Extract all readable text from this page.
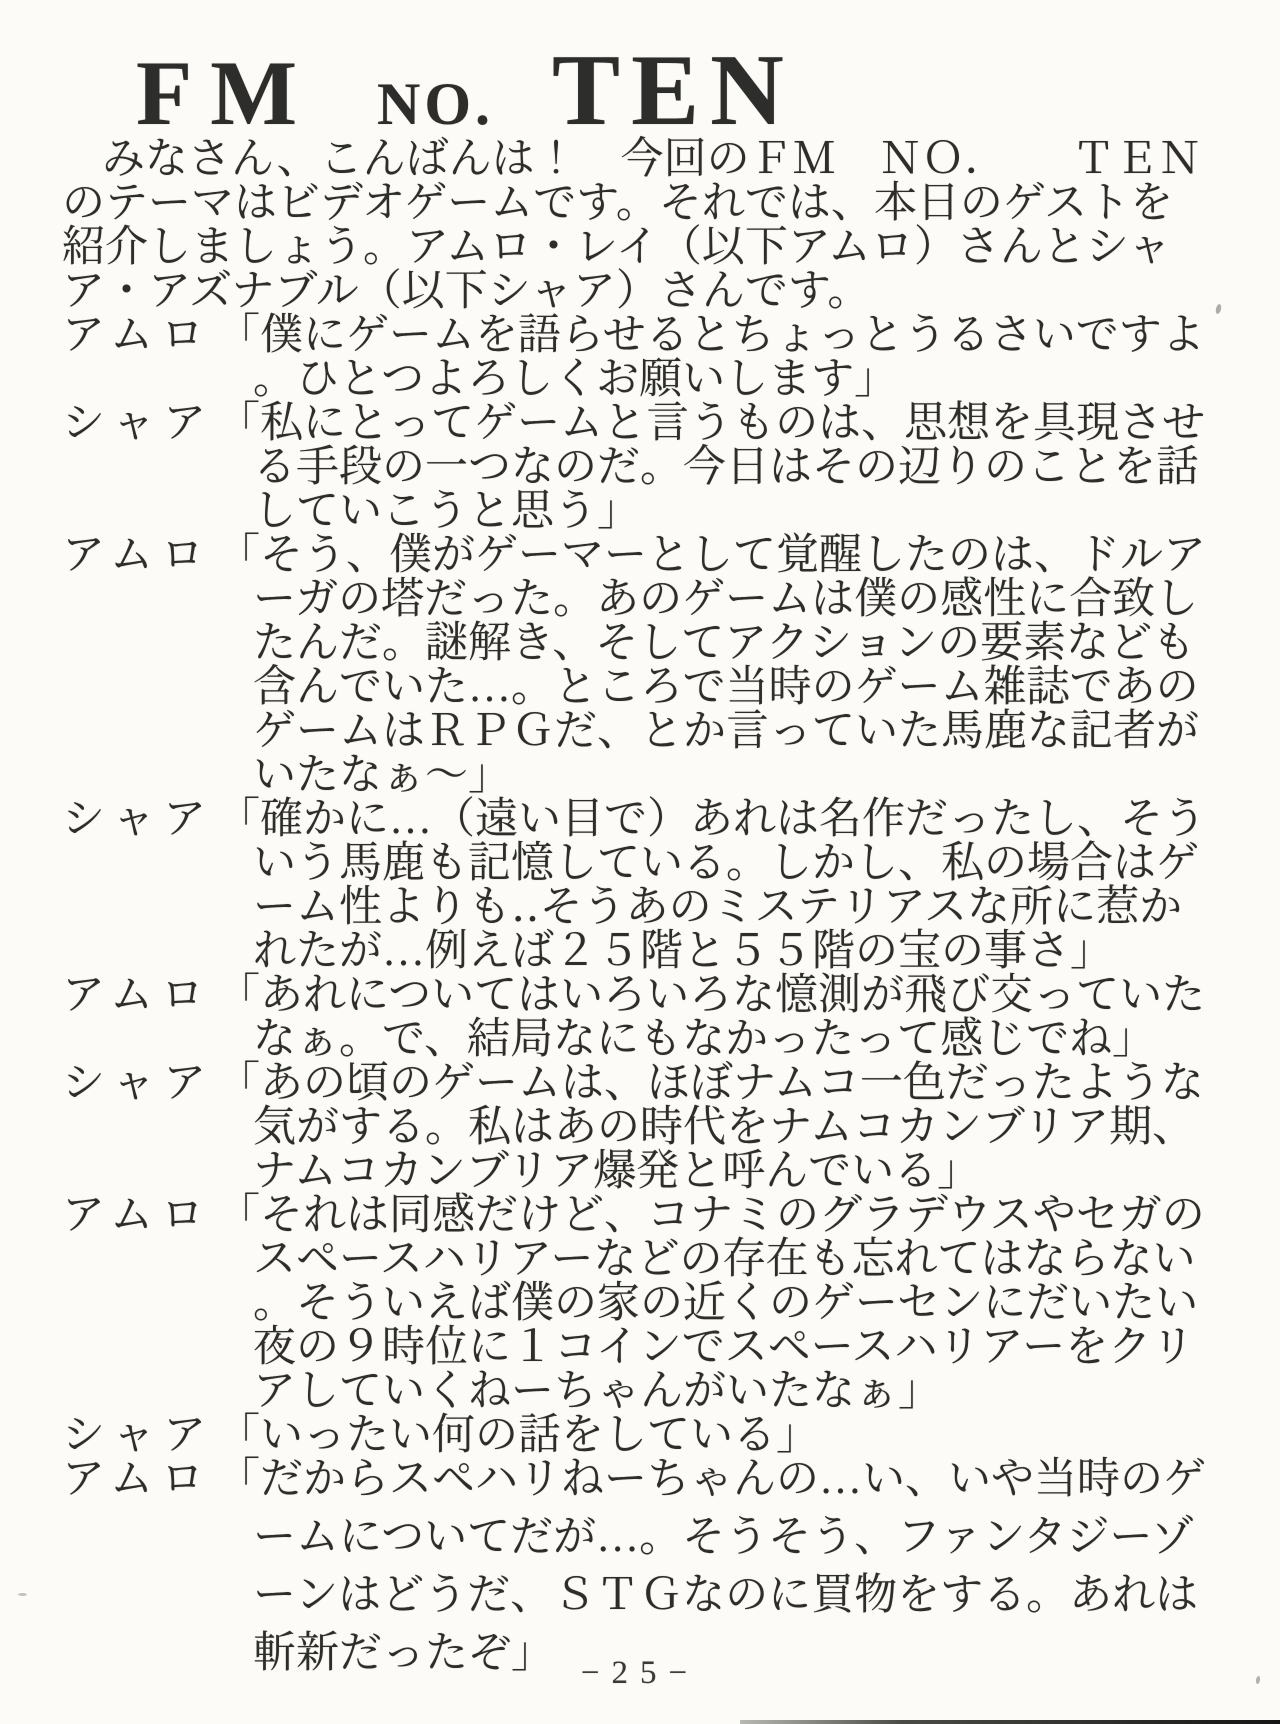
FM NO. TEN
みなさん、こんばんは！　今回のＦＭ　ＮＯ．　　ＴＥＮ
のテーマはビデオゲームです。それでは、本日のゲストを
紹介しましょう。アムロ・レイ（以下アムロ）さんとシャ
ア・アズナブル（以下シャア）さんです。
アムロ 「僕にゲームを語らせるとちょっとうるさいですよ
。ひとつよろしくお願いします」
シャア 「私にとってゲームと言うものは、思想を具現させ
る手段の一つなのだ。今日はその辺りのことを話
していこうと思う」
アムロ 「そう、僕がゲーマーとして覚醒したのは、ドルア
ーガの塔だった。あのゲームは僕の感性に合致し
たんだ。謎解き、そしてアクションの要素なども
含んでいた…。ところで当時のゲーム雑誌であの
ゲームはＲＰＧだ、とか言っていた馬鹿な記者が
いたなぁ〜」
シャア 「確かに…（遠い目で）あれは名作だったし、そう
いう馬鹿も記憶している。しかし、私の場合はゲ
ーム性よりも‥そうあのミステリアスな所に惹か
れたが…例えば２５階と５５階の宝の事さ」
アムロ 「あれについてはいろいろな憶測が飛び交っていた
なぁ。で、結局なにもなかったって感じでね」
シャア 「あの頃のゲームは、ほぼナムコ一色だったような
気がする。私はあの時代をナムコカンブリア期、
ナムコカンブリア爆発と呼んでいる」
アムロ 「それは同感だけど、コナミのグラデウスやセガの
スペースハリアーなどの存在も忘れてはならない
。そういえば僕の家の近くのゲーセンにだいたい
夜の９時位に１コインでスペースハリアーをクリ
アしていくねーちゃんがいたなぁ」
シャア 「いったい何の話をしている」
アムロ 「だからスペハリねーちゃんの…い、いや当時のゲ
ームについてだが…。そうそう、ファンタジーゾ
ーンはどうだ、ＳＴＧなのに買物をする。あれは
斬新だったぞ」 −25−
